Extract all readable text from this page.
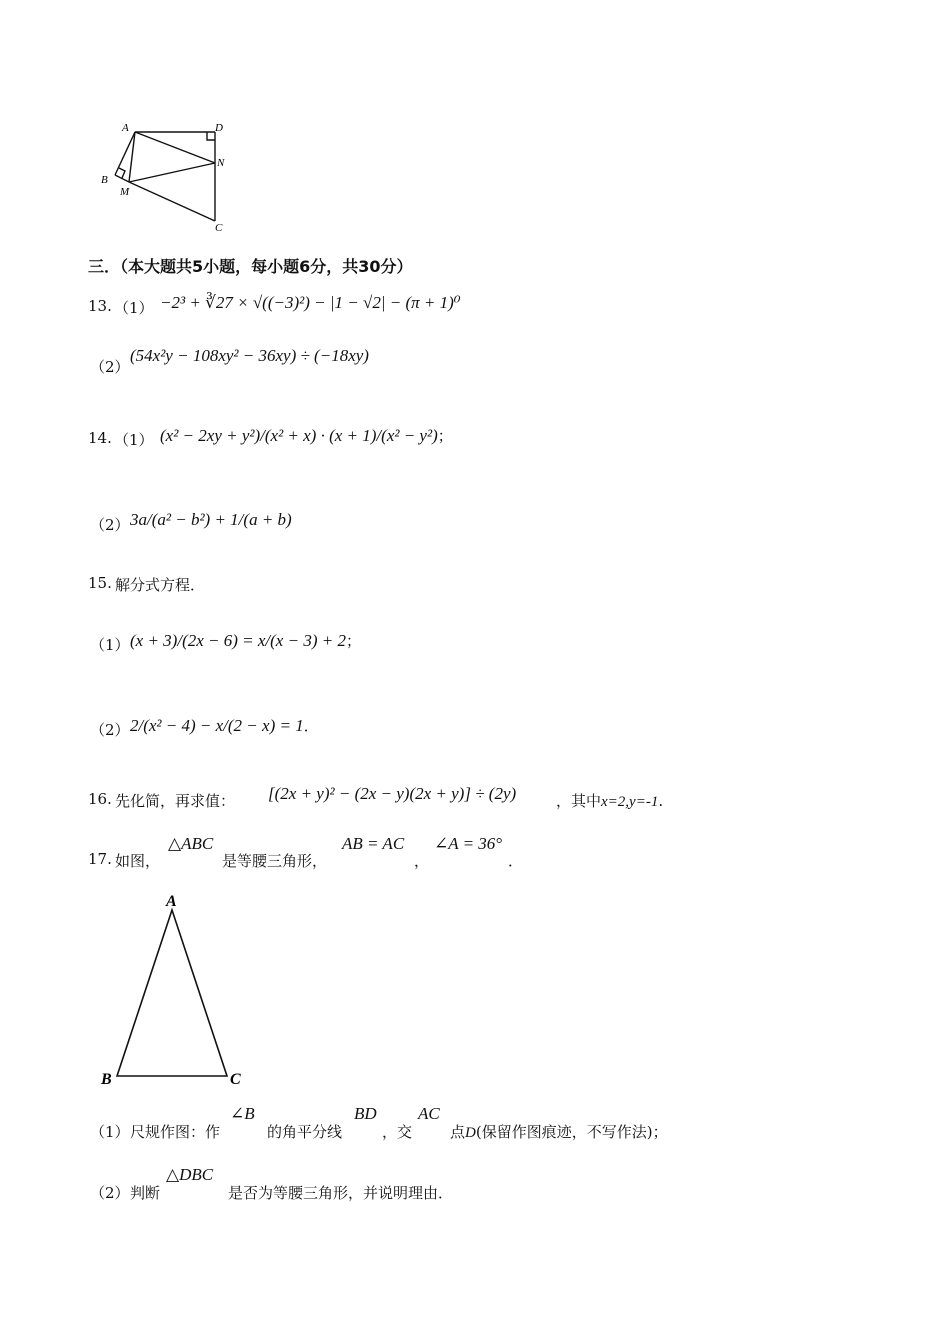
A	D
N
B
M
C
三．（本大题共5小题，每小题6分，共30分）
13. （1） −2³ + ∛27 × √((−3)²) − |1 − √2| − (π + 1)⁰
（2）
(54x²y − 108xy² − 36xy) ÷ (−18xy)
14. （1） (x² − 2xy + y²)/(x² + x) · (x + 1)/(x² − y²)；
（2） 3a/(a² − b²) + 1/(a + b)
15. 解分式方程．
（1） (x + 3)/(2x − 6) = x/(x − 3) + 2；
（2） 2/(x² − 4) − x/(2 − x) = 1．
16. 先化简，再求值： [(2x + y)² − (2x − y)(2x + y)] ÷ (2y)	，其中x=2,y=-1.
17. 如图，
△ABC
是等腰三角形，
AB = AC
，
∠A = 36°
．
A
B	C
（1） 尺规作图：作
∠B
的角平分线
BD
，交
AC
点D(保留作图痕迹，不写作法)；
（2） 判断
△DBC
是否为等腰三角形，并说明理由．
